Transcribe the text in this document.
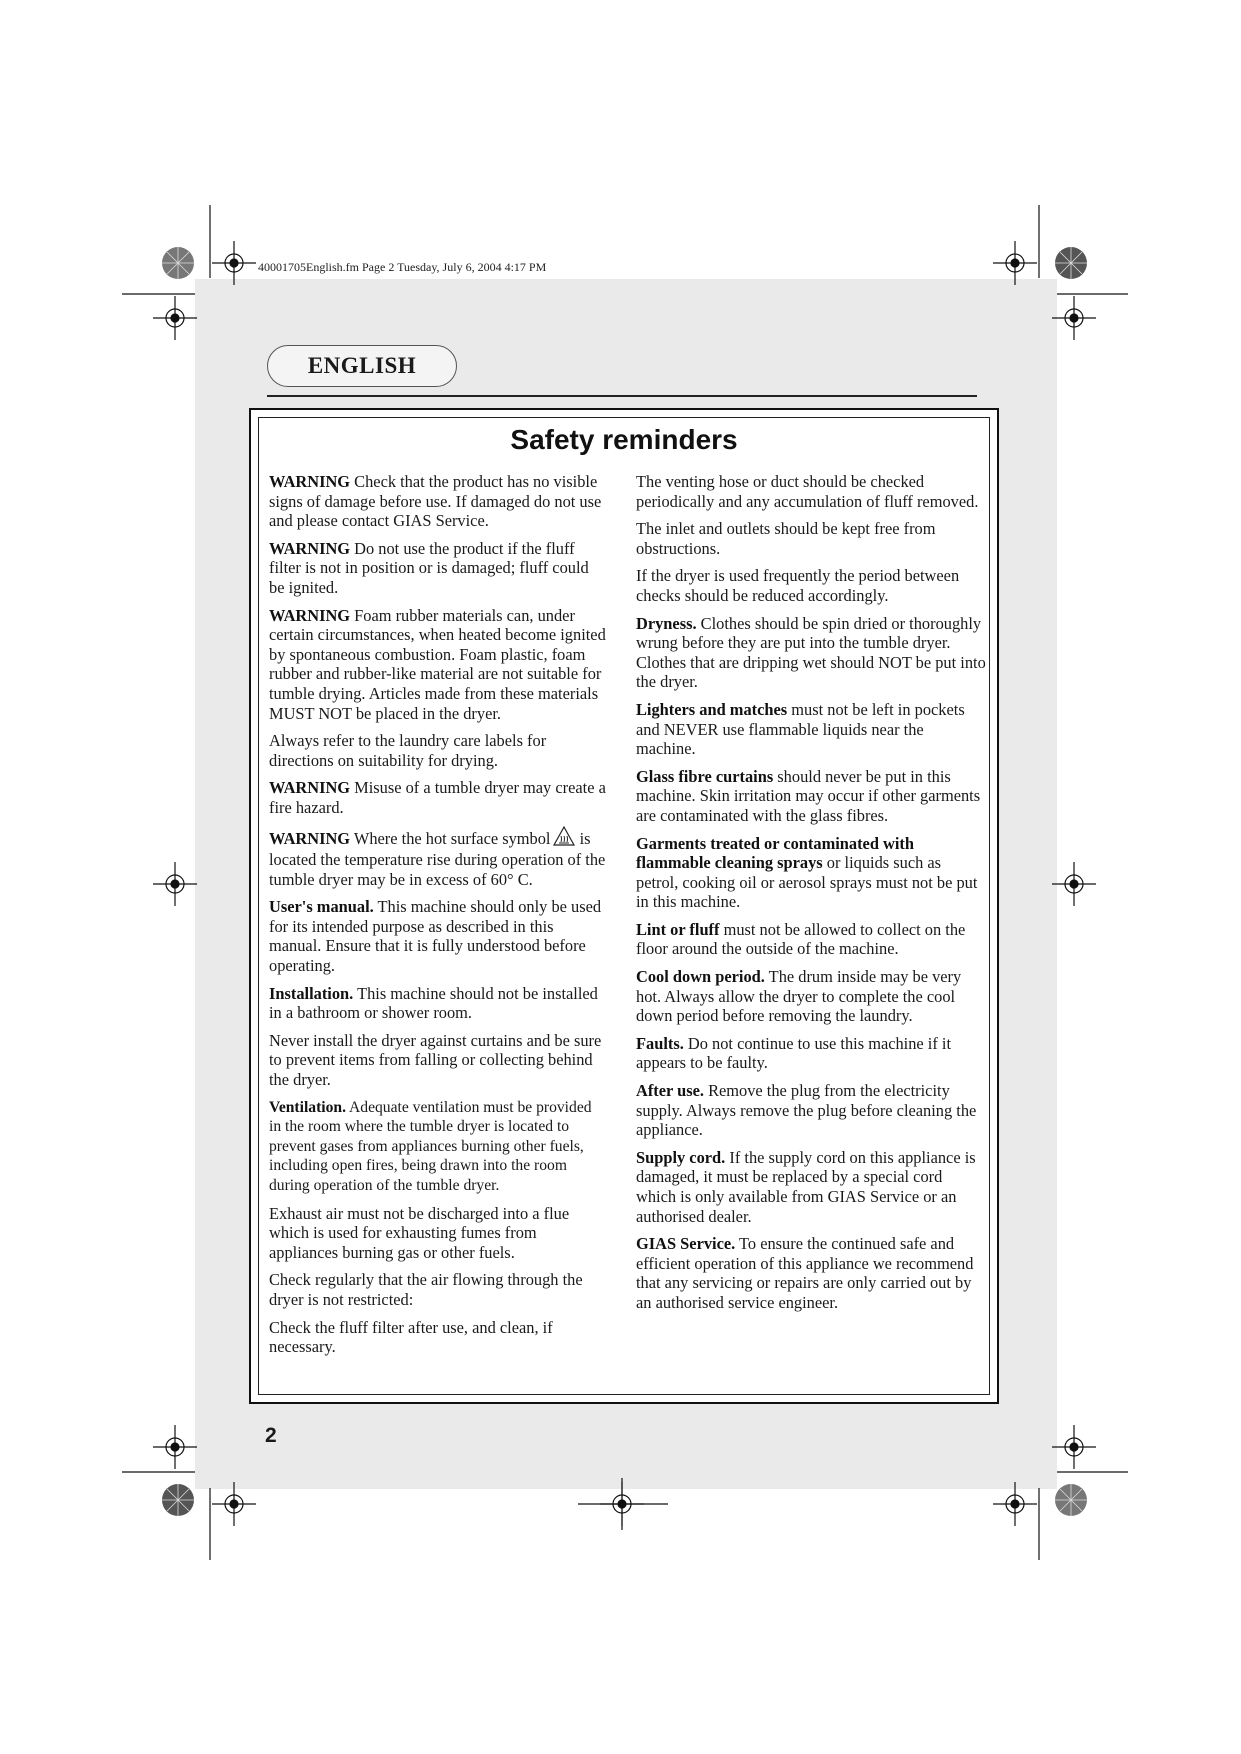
40001705English.fm Page 2 Tuesday, July 6, 2004 4:17 PM
ENGLISH
Safety reminders

WARNING Check that the product has no visible signs of damage before use. If damaged do not use and please contact GIAS Service.

WARNING Do not use the product if the fluff filter is not in position or is damaged; fluff could be ignited.

WARNING Foam rubber materials can, under certain circumstances, when heated become ignited by spontaneous combustion. Foam plastic, foam rubber and rubber-like material are not suitable for tumble drying. Articles made from these materials MUST NOT be placed in the dryer.

Always refer to the laundry care labels for directions on suitability for drying.

WARNING Misuse of a tumble dryer may create a fire hazard.

WARNING Where the hot surface symbol is located the temperature rise during operation of the tumble dryer may be in excess of 60° C.

User's manual. This machine should only be used for its intended purpose as described in this manual. Ensure that it is fully understood before operating.

Installation. This machine should not be installed in a bathroom or shower room.

Never install the dryer against curtains and be sure to prevent items from falling or collecting behind the dryer.

Ventilation. Adequate ventilation must be provided in the room where the tumble dryer is located to prevent gases from appliances burning other fuels, including open fires, being drawn into the room during operation of the tumble dryer.

Exhaust air must not be discharged into a flue which is used for exhausting fumes from appliances burning gas or other fuels.

Check regularly that the air flowing through the dryer is not restricted:

Check the fluff filter after use, and clean, if necessary.

The venting hose or duct should be checked periodically and any accumulation of fluff removed.

The inlet and outlets should be kept free from obstructions.

If the dryer is used frequently the period between checks should be reduced accordingly.

Dryness. Clothes should be spin dried or thoroughly wrung before they are put into the tumble dryer. Clothes that are dripping wet should NOT be put into the dryer.

Lighters and matches must not be left in pockets and NEVER use flammable liquids near the machine.

Glass fibre curtains should never be put in this machine. Skin irritation may occur if other garments are contaminated with the glass fibres.

Garments treated or contaminated with flammable cleaning sprays or liquids such as petrol, cooking oil or aerosol sprays must not be put in this machine.

Lint or fluff must not be allowed to collect on the floor around the outside of the machine.

Cool down period. The drum inside may be very hot. Always allow the dryer to complete the cool down period before removing the laundry.

Faults. Do not continue to use this machine if it appears to be faulty.

After use. Remove the plug from the electricity supply. Always remove the plug before cleaning the appliance.

Supply cord. If the supply cord on this appliance is damaged, it must be replaced by a special cord which is only available from GIAS Service or an authorised dealer.

GIAS Service. To ensure the continued safe and efficient operation of this appliance we recommend that any servicing or repairs are only carried out by an authorised service engineer.

2
